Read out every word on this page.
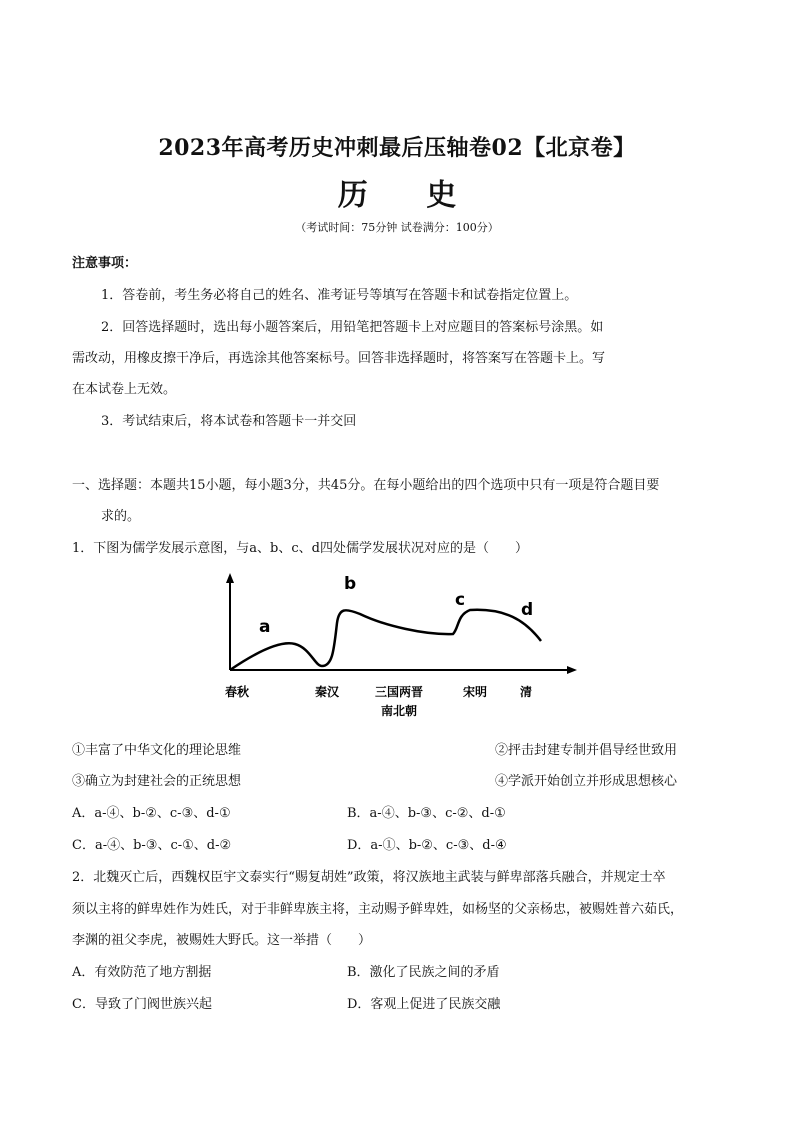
2023年高考历史冲刺最后压轴卷02【北京卷】
历 史
（考试时间：75分钟 试卷满分：100分）
注意事项：
1．答卷前，考生务必将自己的姓名、准考证号等填写在答题卡和试卷指定位置上。
2．回答选择题时，选出每小题答案后，用铅笔把答题卡上对应题目的答案标号涂黑。如
需改动，用橡皮擦干净后，再选涂其他答案标号。回答非选择题时，将答案写在答题卡上。写
在本试卷上无效。
3．考试结束后，将本试卷和答题卡一并交回
一、选择题：本题共15小题，每小题3分，共45分。在每小题给出的四个选项中只有一项是符合题目要
求的。
1．下图为儒学发展示意图，与a、b、c、d四处儒学发展状况对应的是（　　）
a
b
c	d
春秋	秦汉	三国两晋
南北朝
宋明	清
①丰富了中华文化的理论思维	②抨击封建专制并倡导经世致用
③确立为封建社会的正统思想	④学派开始创立并形成思想核心
A．a-④、b-②、c-③、d-①	B．a-④、b-③、c-②、d-①
C．a-④、b-③、c-①、d-②	D．a-①、b-②、c-③、d-④
2．北魏灭亡后，西魏权臣宇文泰实行“赐复胡姓”政策，将汉族地主武装与鲜卑部落兵融合，并规定士卒
须以主将的鲜卑姓作为姓氏，对于非鲜卑族主将，主动赐予鲜卑姓，如杨坚的父亲杨忠，被赐姓普六茹氏，
李渊的祖父李虎，被赐姓大野氏。这一举措（　　）
A．有效防范了地方割据	B．激化了民族之间的矛盾
C．导致了门阀世族兴起	D．客观上促进了民族交融
